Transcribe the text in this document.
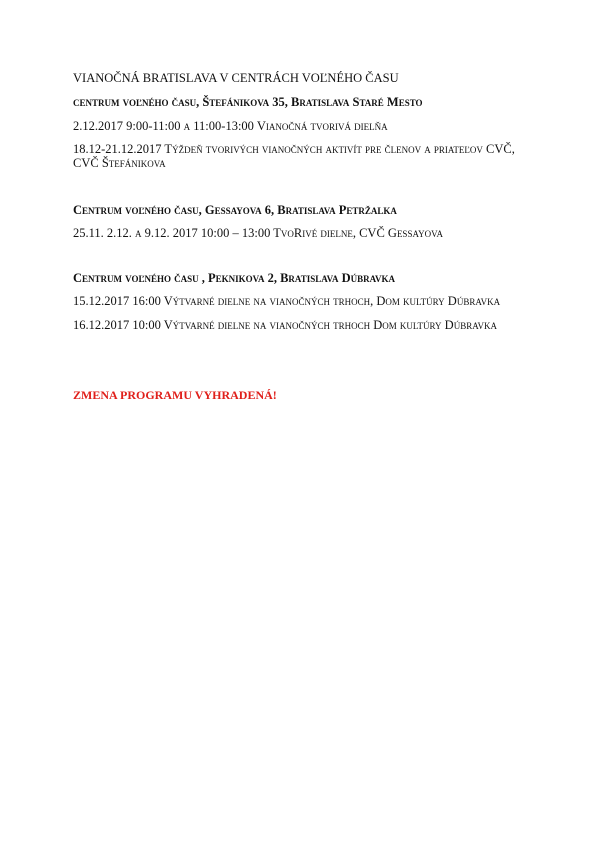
VIANOČNÁ BRATISLAVA V CENTRÁCH VOĽNÉHO ČASU
centrum voľného času, Štefánikova 35, Bratislava Staré Mesto
2.12.2017 9:00-11:00 a 11:00-13:00 Vianočná tvorivá dielňa
18.12-21.12.2017 Týždeň tvorivých vianočných aktivít pre členov a priateľov CVČ,
CVČ Štefánikova
Centrum voľného času, Gessayova 6, Bratislava Petržalka
25.11. 2.12. a 9.12. 2017 10:00 – 13:00 TvoRivé dielne, CVČ Gessayova
Centrum voľného času , Peknikova 2, Bratislava Dúbravka
15.12.2017 16:00 Výtvarné dielne na vianočných trhoch, Dom kultúry Dúbravka
16.12.2017 10:00 Výtvarné dielne na vianočných trhoch Dom kultúry Dúbravka
ZMENA PROGRAMU VYHRADENÁ!
